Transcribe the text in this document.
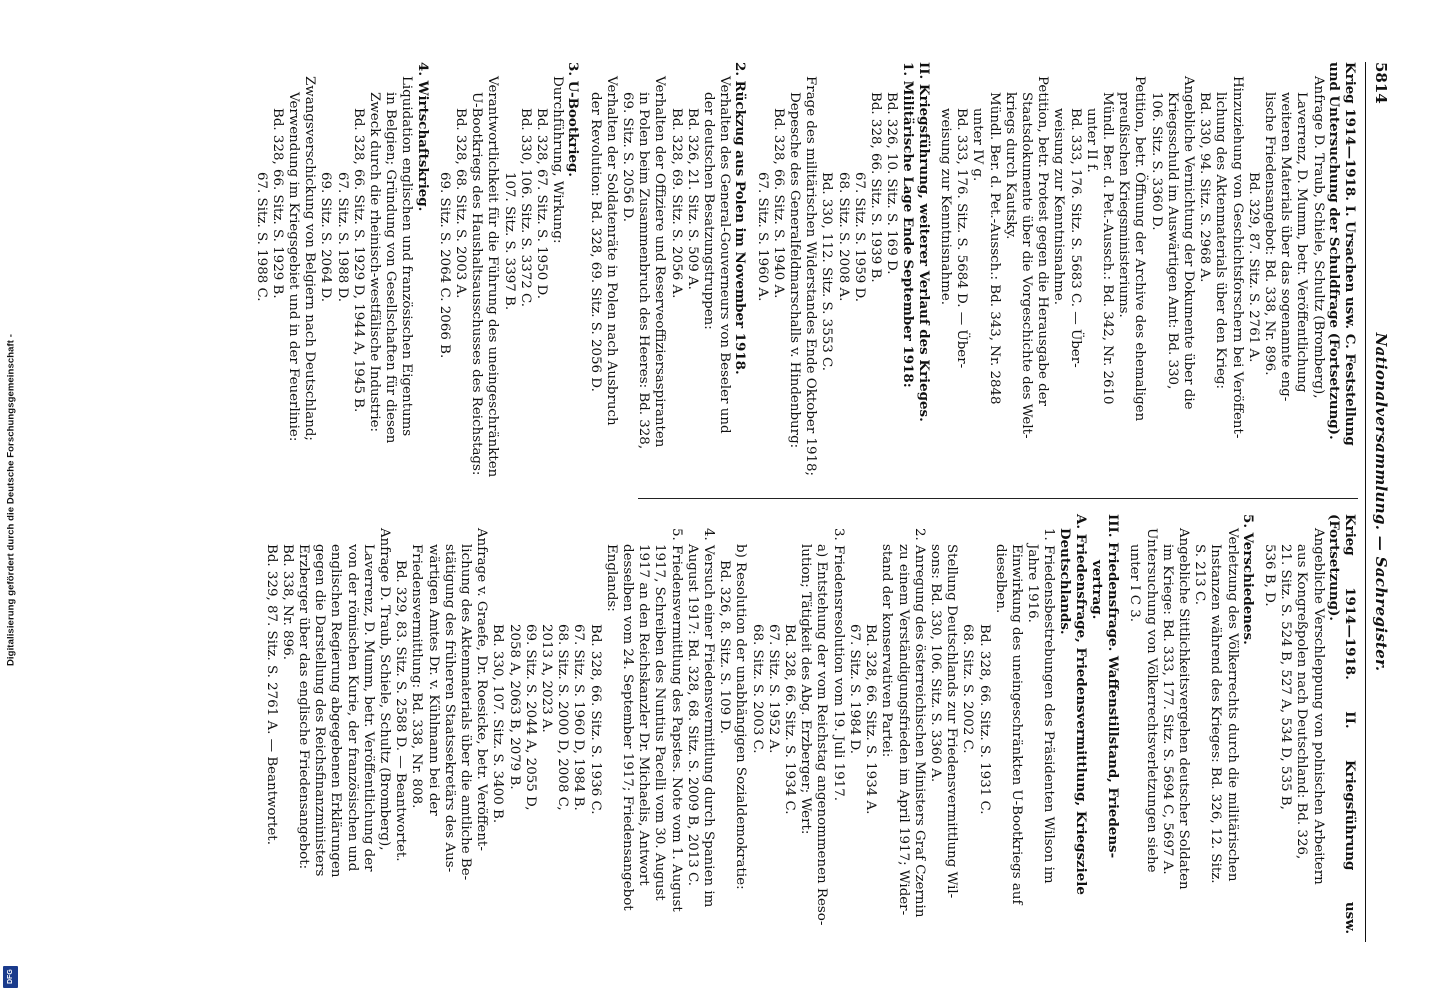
Digitalisierung gefördert durch die Deutsche Forschungsgemeinschaft -
DFG
5814
Nationalversammlung. — Sachregister.

Krieg 1914—1918. I. Ursachen usw. C. Feststellung

und Untersuchung der Schuldfrage (Fortsetzung).

Anfrage D. Traub, Schiele, Schultz (Bromberg),

Laverrenz, D. Mumm, betr. Veröffentlichung

weiteren Materials über das sogenannte eng-

lische Friedensangebot: Bd. 338, Nr. 896.

Bd. 329, 87. Sitz. S. 2761 A.

Hinzuziehung von Geschichtsforschern bei Veröffent-

lichung des Aktenmaterials über den Krieg:

Bd. 330, 94. Sitz. S. 2968 A.

Angebliche Vernichtung der Dokumente über die

Kriegsschuld im Auswärtigen Amt: Bd. 330,

106. Sitz. S. 3360 D.

Petition, betr. Öffnung der Archive des ehemaligen

preußischen Kriegsministeriums.

Mündl. Ber. d. Pet.-Aussch.: Bd. 342, Nr. 2610

unter II f.

Bd. 333, 176. Sitz. S. 5683 C. — Über-

weisung zur Kenntnisnahme.

Petition, betr. Protest gegen die Herausgabe der

Staatsdokumente über die Vorgeschichte des Welt-

kriegs durch Kautsky.

Mündl. Ber. d. Pet.-Aussch.: Bd. 343, Nr. 2848

unter IV g.

Bd. 333, 176. Sitz. S. 5684 D. — Über-

weisung zur Kenntnisnahme.

II. Kriegsführung, weiterer Verlauf des Krieges.

1. Militärische Lage Ende September 1918:

Bd. 326, 10. Sitz. S. 169 D.

Bd. 328, 66. Sitz. S. 1939 B.

67. Sitz. S. 1959 D.

68. Sitz. S. 2008 A.

Bd. 330, 112. Sitz. S. 3553 C.

Frage des militärischen Widerstandes Ende Oktober 1918;

Depesche des Generalfeldmarschalls v. Hindenburg:

Bd. 328, 66. Sitz. S. 1940 A.

67. Sitz. S. 1960 A.

2. Rückzug aus Polen im November 1918.

Verhalten des General-Gouverneurs von Beseler und

der deutschen Besatzungstruppen:

Bd. 326, 21. Sitz. S. 509 A.

Bd. 328, 69. Sitz. S. 2056 A.

Verhalten der Offiziere und Reserveoffiziersaspiranten

in Polen beim Zusammenbruch des Heeres: Bd. 328,

69. Sitz. S. 2056 D.

Verhalten der Soldatenräte in Polen nach Ausbruch

der Revolution: Bd. 328, 69. Sitz. S. 2056 D.

3. U-Bootkrieg.

Durchführung, Wirkung:

Bd. 328, 67. Sitz. S. 1950 D.

Bd. 330, 106. Sitz. S. 3372 C.

107. Sitz. S. 3397 B.

Verantwortlichkeit für die Führung des uneingeschränkten

U-Bootkriegs des Haushaltsausschusses des Reichstags:

Bd. 328, 68. Sitz. S. 2003 A.

69. Sitz. S. 2064 C. 2066 B.

4. Wirtschaftskrieg.

Liquidation englischen und französischen Eigentums

in Belgien; Gründung von Gesellschaften für diesen

Zweck durch die rheinisch-westfälische Industrie:

Bd. 328, 66. Sitz. S. 1929 D, 1944 A, 1945 B.

67. Sitz. S. 1988 D.

69. Sitz. S. 2064 D.

Zwangsverschickung von Belgiern nach Deutschland;

Verwendung im Kriegsgebiet und in der Feuerlinie:

Bd. 328, 66. Sitz. S. 1929 B.

67. Sitz. S. 1988 C.

Krieg 1914—1918. II. Kriegsführung usw. (Fortsetzung).

Angebliche Verschleppung von polnischen Arbeitern

aus Kongreßpolen nach Deutschland: Bd. 326,

21. Sitz. S. 524 B, 527 A, 534 D, 535 B,

536 B, D.

5. Verschiedenes.

Verletzung des Völkerrechts durch die militärischen

Instanzen während des Krieges: Bd. 326, 12. Sitz.

S. 213 C.

Angebliche Sittlichkeitsvergehen deutscher Soldaten

im Kriege: Bd. 333, 177. Sitz. S. 5694 C, 5697 A.

Untersuchung von Völkerrechtsverletzungen siehe

unter I C 3.

III. Friedensfrage. Waffenstillstand, Friedens-

vertrag.

A. Friedensfrage, Friedensvermittlung, Kriegsziele

Deutschlands.

1. Friedensbestrebungen des Präsidenten Wilson im

Jahre 1916.

Einwirkung des uneingeschränkten U-Bootkriegs auf

dieselben.

Bd. 328, 66. Sitz. S. 1931 C.

68. Sitz. S. 2002 C.

Stellung Deutschlands zur Friedensvermittlung Wil-

sons: Bd. 330, 106. Sitz. S. 3360 A.

2. Anregung des österreichischen Ministers Graf Czernin

zu einem Verständigungsfrieden im April 1917; Wider-

stand der konservativen Partei:

Bd. 328, 66. Sitz. S. 1934 A.

67. Sitz. S. 1984 D.

3. Friedensresolution vom 19. Juli 1917.

a) Entstehung der vom Reichstag angenommenen Reso-

lution; Tätigkeit des Abg. Erzberger; Wert:

Bd. 328, 66. Sitz. S. 1934 C.

67. Sitz. S. 1952 A.

68. Sitz. S. 2003 C.

b) Resolution der unabhängigen Sozialdemokratie:

Bd. 326, 8. Sitz. S. 109 D.

4. Versuch einer Friedensvermittlung durch Spanien im

August 1917: Bd. 328, 68. Sitz. S. 2009 B, 2013 C.

5. Friedensvermittlung des Papstes. Note vom 1. August

1917, Schreiben des Nuntius Pacelli vom 30. August

1917 an den Reichskanzler Dr. Michaelis, Antwort

desselben vom 24. September 1917; Friedensangebot

Englands:

Bd. 328, 66. Sitz. S. 1936 C.

67. Sitz. S. 1960 D, 1984 B.

68. Sitz. S. 2000 D, 2008 C,

2013 A, 2023 A.

69. Sitz. S. 2044 A, 2055 D,

2058 A, 2063 B, 2079 B.

Bd. 330, 107. Sitz. S. 3400 B.

Anfrage v. Graefe, Dr. Roesicke, betr. Veröffent-

lichung des Aktenmaterials über die amtliche Be-

stätigung des früheren Staatssekretärs des Aus-

wärtigen Amtes Dr. v. Kühlmann bei der

Friedensvermittlung: Bd. 338, Nr. 808.

Bd. 329, 83. Sitz. S. 2588 D. — Beantwortet.

Anfrage D. Traub, Schiele, Schultz (Bromberg),

Laverrenz, D. Mumm, betr. Veröffentlichung der

von der römischen Kurie, der französischen und

englischen Regierung abgegebenen Erklärungen

gegen die Darstellung des Reichsfinanzministers

Erzberger über das englische Friedensangebot:

Bd. 338, Nr. 896.

Bd. 329, 87. Sitz. S. 2761 A. — Beantwortet.
